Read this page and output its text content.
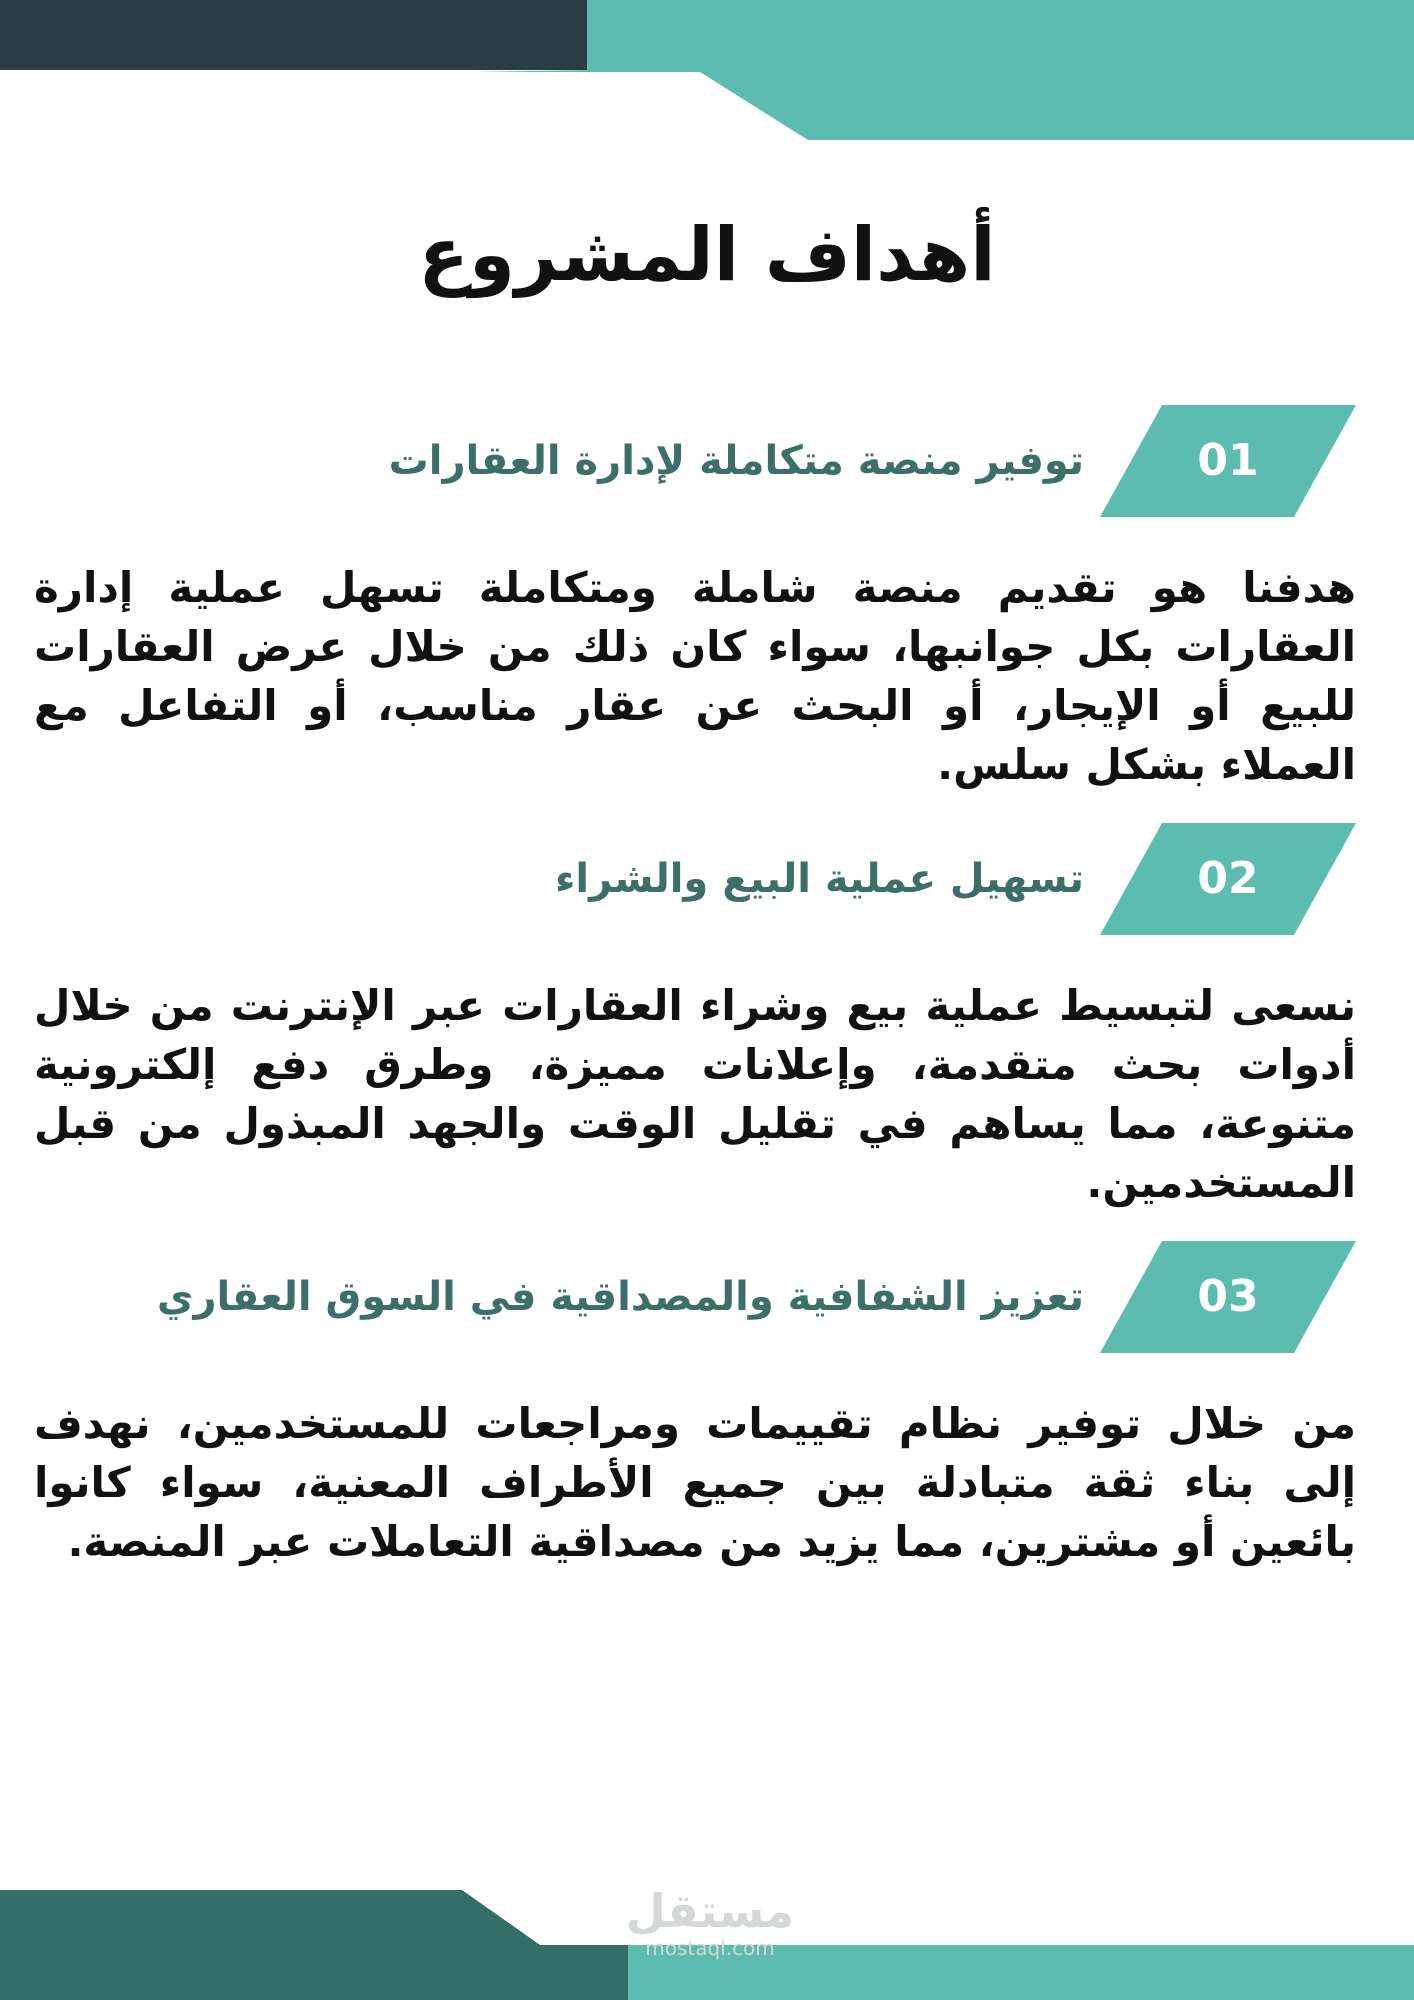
أهداف المشروع
01
توفير منصة متكاملة لإدارة العقارات

هدفنا هو تقديم منصة شاملة ومتكاملة تسهل عملية إدارة العقارات بكل جوانبها، سواء كان ذلك من خلال عرض العقارات للبيع أو الإيجار، أو البحث عن عقار مناسب، أو التفاعل مع العملاء بشكل سلس.

02
تسهيل عملية البيع والشراء

نسعى لتبسيط عملية بيع وشراء العقارات عبر الإنترنت من خلال أدوات بحث متقدمة، وإعلانات مميزة، وطرق دفع إلكترونية متنوعة، مما يساهم في تقليل الوقت والجهد المبذول من قبل المستخدمين.

03
تعزيز الشفافية والمصداقية في السوق العقاري

من خلال توفير نظام تقييمات ومراجعات للمستخدمين، نهدف إلى بناء ثقة متبادلة بين جميع الأطراف المعنية، سواء كانوا بائعين أو مشترين، مما يزيد من مصداقية التعاملات عبر المنصة.

مستقل
mostaql.com
